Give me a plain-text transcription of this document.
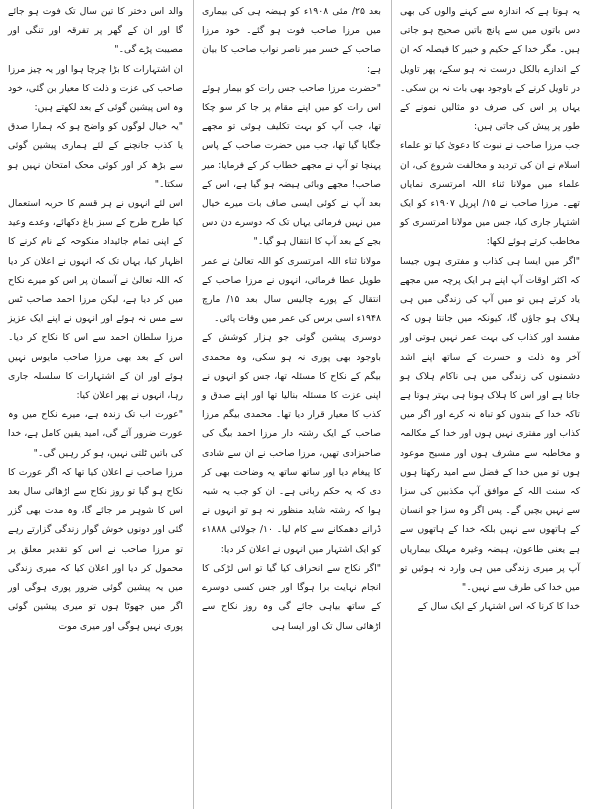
یہ ہوتا ہے کہ اندازہ سے کہنے والوں کی بھی دس باتوں میں سے پانچ باتیں صحیح ہو جاتی ہیں۔ مگر خدا کے حکیم و خبیر کا فیصلہ کہ ان کے اندازے بالکل درست نہ ہو سکے، پھر تاویل در تاویل کرنے کے باوجود بھی بات نہ بن سکی۔ یہاں پر اس کی صرف دو مثالیں نمونے کے طور پر پیش کی جاتی ہیں:

جب مرزا صاحب نے نبوت کا دعویٰ کیا تو علماء اسلام نے ان کی تردید و مخالفت شروع کی، ان علماء میں مولانا ثناء اللہ امرتسری نمایاں تھے۔ مرزا صاحب نے ۱۵/ اپریل ۱۹۰۷ء کو ایک اشتہار جاری کیا، جس میں مولانا امرتسری کو مخاطب کرتے ہوئے لکھا:

"اگر میں ایسا ہی کذاب و مفتری ہوں جیسا کہ اکثر اوقات آپ اپنے ہر ایک پرچہ میں مجھے یاد کرتے ہیں تو میں آپ کی زندگی میں ہی ہلاک ہو جاؤں گا، کیونکہ میں جانتا ہوں کہ مفسد اور کذاب کی بہت عمر نہیں ہوتی اور آخر وہ ذلت و حسرت کے ساتھ اپنے اشد دشمنوں کی زندگی میں ہی ناکام ہلاک ہو جاتا ہے اور اس کا ہلاک ہونا ہی بہتر ہوتا ہے تاکہ خدا کے بندوں کو تباہ نہ کرے اور اگر میں کذاب اور مفتری نہیں ہوں اور خدا کے مکالمہ و مخاطبہ سے مشرف ہوں اور مسیح موعود ہوں تو میں خدا کے فضل سے امید رکھتا ہوں کہ سنت اللہ کے موافق آپ مکذبین کی سزا سے نہیں بچیں گے۔ پس اگر وہ سزا جو انسان کے ہاتھوں سے نہیں بلکہ خدا کے ہاتھوں سے ہے یعنی طاعون، ہیضہ وغیرہ مہلک بیماریاں آپ پر میری زندگی میں ہی وارد نہ ہوئیں تو میں خدا کی طرف سے نہیں۔"

خدا کا کرنا کہ اس اشتہار کے ایک سال کے

بعد ۲۵/ مئی ۱۹۰۸ء کو ہیضہ ہی کی بیماری میں مرزا صاحب فوت ہو گئے۔ خود مرزا صاحب کے خسر میر ناصر نواب صاحب کا بیان ہے:

"حضرت مرزا صاحب جس رات کو بیمار ہوئے اس رات کو میں اپنے مقام پر جا کر سو چکا تھا، جب آپ کو بہت تکلیف ہوئی تو مجھے جگایا گیا تھا، جب میں حضرت صاحب کے پاس پہنچا تو آپ نے مجھے خطاب کر کے فرمایا: میر صاحب! مجھے وبائی ہیضہ ہو گیا ہے، اس کے بعد آپ نے کوئی ایسی صاف بات میرے خیال میں نہیں فرمائی یہاں تک کہ دوسرے دن دس بجے کے بعد آپ کا انتقال ہو گیا۔"

مولانا ثناء اللہ امرتسری کو اللہ تعالیٰ نے عمر طویل عطا فرمائی، انہوں نے مرزا صاحب کے انتقال کے پورے چالیس سال بعد ۱۵/ مارچ ۱۹۴۸ء اسی برس کی عمر میں وفات پائی۔

دوسری پیشین گوئی جو ہزار کوشش کے باوجود بھی پوری نہ ہو سکی، وہ محمدی بیگم کے نکاح کا مسئلہ تھا، جس کو انہوں نے اپنی عزت کا مسئلہ بنالیا تھا اور اپنے صدق و کذب کا معیار قرار دیا تھا۔ محمدی بیگم مرزا صاحب کے ایک رشتہ دار مرزا احمد بیگ کی صاحبزادی تھیں، مرزا صاحب نے ان سے شادی کا پیغام دیا اور ساتھ ساتھ یہ وضاحت بھی کر دی کہ یہ حکم ربانی ہے۔ ان کو جب یہ شبہ ہوا کہ رشتہ شاید منظور نہ ہو تو انہوں نے ڈرانے دھمکانے سے کام لیا۔ ۱۰/ جولائی ۱۸۸۸ء کو ایک اشتہار میں انہوں نے اعلان کر دیا:

"اگر نکاح سے انحراف کیا گیا تو اس لڑکی کا انجام نہایت برا ہوگا اور جس کسی دوسرے کے ساتھ بیاہی جائے گی وہ روز نکاح سے اڑھائی سال تک اور ایسا ہی

والد اس دختر کا تین سال تک فوت ہو جائے گا اور ان کے گھر پر تفرقہ اور تنگی اور مصیبت پڑے گی۔"

ان اشتہارات کا بڑا چرچا ہوا اور یہ چیز مرزا صاحب کی عزت و ذلت کا معیار بن گئی، خود وہ اس پیشین گوئی کے بعد لکھتے ہیں:

"یہ خیال لوگوں کو واضح ہو کہ ہمارا صدق یا کذب جانچنے کے لئے ہماری پیشین گوئی سے بڑھ کر اور کوئی محک امتحان نہیں ہو سکتا۔"

اس لئے انہوں نے ہر قسم کا حربہ استعمال کیا طرح طرح کے سبز باغ دکھائے، وعدے وعید کے اپنی تمام جائیداد منکوحہ کے نام کرنے کا اظہار کیا، یہاں تک کہ انہوں نے اعلان کر دیا کہ اللہ تعالیٰ نے آسمان پر اس کو میرے نکاح میں کر دیا ہے، لیکن مرزا احمد صاحب ٹس سے مس نہ ہوئے اور انہوں نے اپنے ایک عزیز مرزا سلطان احمد سے اس کا نکاح کر دیا۔ اس کے بعد بھی مرزا صاحب مایوس نہیں ہوئے اور ان کے اشتہارات کا سلسلہ جاری رہا، انہوں نے پھر اعلان کیا:

"عورت اب تک زندہ ہے، میرے نکاح میں وہ عورت ضرور آئے گی، امید یقین کامل ہے، خدا کی باتیں ٹلتی نہیں، ہو کر رہیں گی۔"

مرزا صاحب نے اعلان کیا تھا کہ اگر عورت کا نکاح ہو گیا تو روز نکاح سے اڑھائی سال بعد اس کا شوہر مر جائے گا، وہ مدت بھی گزر گئی اور دونوں خوش گوار زندگی گزارتے رہے تو مرزا صاحب نے اس کو تقدیر معلق پر محمول کر دیا اور اعلان کیا کہ میری زندگی میں یہ پیشین گوئی ضرور پوری ہوگی اور اگر میں جھوٹا ہوں تو میری پیشین گوئی پوری نہیں ہوگی اور میری موت
